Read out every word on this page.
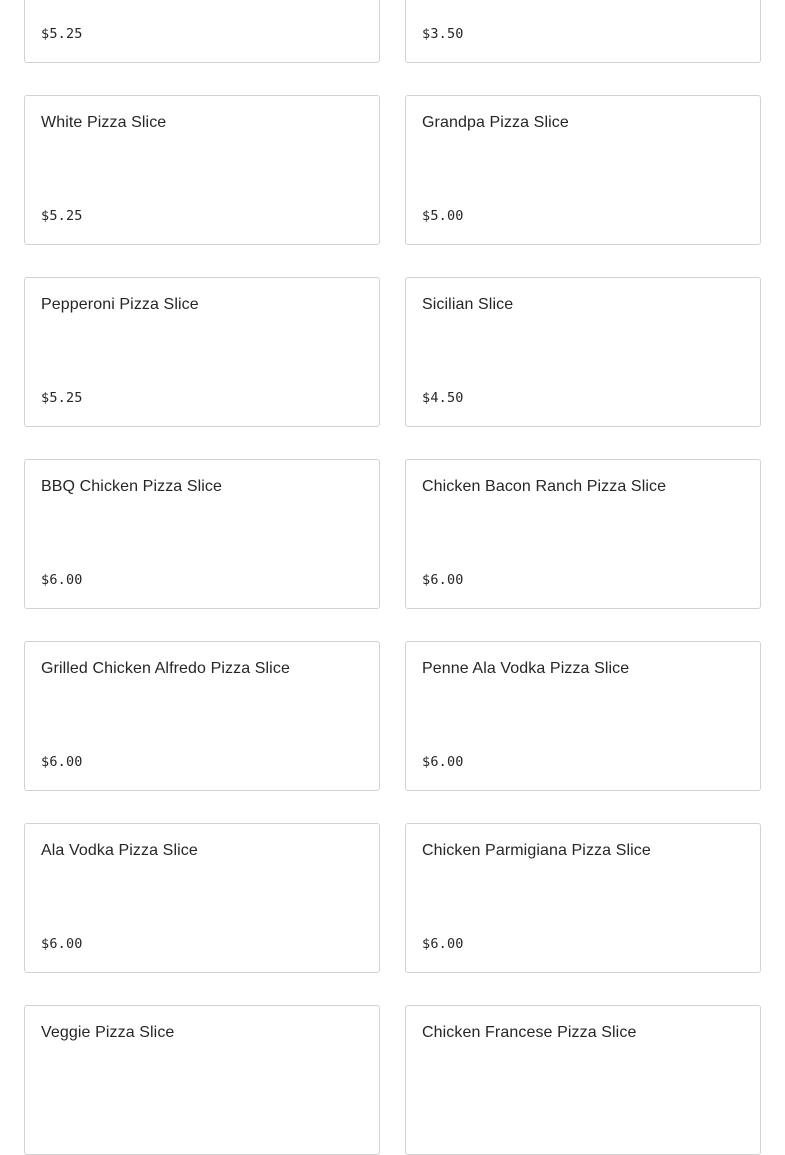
$5.25	$3.50
White Pizza Slice
$5.25
Grandpa Pizza Slice
$5.00
Pepperoni Pizza Slice
$5.25
Sicilian Slice
$4.50
BBQ Chicken Pizza Slice
$6.00
Chicken Bacon Ranch Pizza Slice
$6.00
Grilled Chicken Alfredo Pizza Slice
$6.00
Penne Ala Vodka Pizza Slice
$6.00
Ala Vodka Pizza Slice
$6.00
Chicken Parmigiana Pizza Slice
$6.00
Veggie Pizza Slice	Chicken Francese Pizza Slice
